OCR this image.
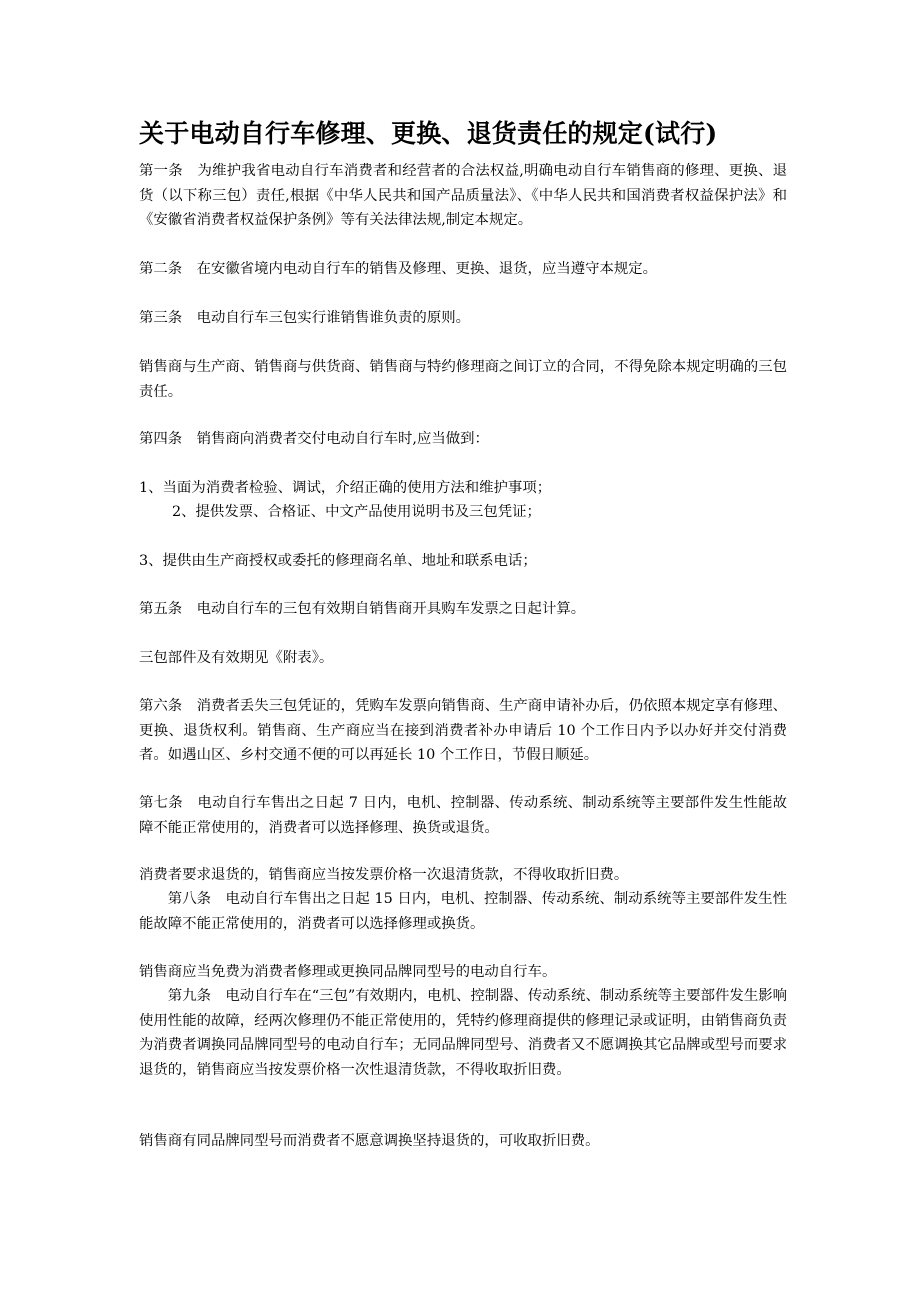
关于电动自行车修理、更换、退货责任的规定(试行)

第一条　为维护我省电动自行车消费者和经营者的合法权益,明确电动自行车销售商的修理、更换、退货（以下称三包）责任,根据《中华人民共和国产品质量法》、《中华人民共和国消费者权益保护法》和《安徽省消费者权益保护条例》等有关法律法规,制定本规定。

第二条　在安徽省境内电动自行车的销售及修理、更换、退货，应当遵守本规定。

第三条　电动自行车三包实行谁销售谁负责的原则。

销售商与生产商、销售商与供货商、销售商与特约修理商之间订立的合同，不得免除本规定明确的三包责任。

第四条　销售商向消费者交付电动自行车时,应当做到：

1、当面为消费者检验、调试，介绍正确的使用方法和维护事项；

2、提供发票、合格证、中文产品使用说明书及三包凭证；

3、提供由生产商授权或委托的修理商名单、地址和联系电话；

第五条　电动自行车的三包有效期自销售商开具购车发票之日起计算。

三包部件及有效期见《附表》。

第六条　消费者丢失三包凭证的，凭购车发票向销售商、生产商申请补办后，仍依照本规定享有修理、更换、退货权利。销售商、生产商应当在接到消费者补办申请后 10 个工作日内予以办好并交付消费者。如遇山区、乡村交通不便的可以再延长 10 个工作日，节假日顺延。

第七条　电动自行车售出之日起 7 日内，电机、控制器、传动系统、制动系统等主要部件发生性能故障不能正常使用的，消费者可以选择修理、换货或退货。

消费者要求退货的，销售商应当按发票价格一次退清货款，不得收取折旧费。

第八条　电动自行车售出之日起 15 日内，电机、控制器、传动系统、制动系统等主要部件发生性能故障不能正常使用的，消费者可以选择修理或换货。

销售商应当免费为消费者修理或更换同品牌同型号的电动自行车。

第九条　电动自行车在“三包”有效期内，电机、控制器、传动系统、制动系统等主要部件发生影响使用性能的故障，经两次修理仍不能正常使用的，凭特约修理商提供的修理记录或证明，由销售商负责为消费者调换同品牌同型号的电动自行车；无同品牌同型号、消费者又不愿调换其它品牌或型号而要求退货的，销售商应当按发票价格一次性退清货款，不得收取折旧费。

销售商有同品牌同型号而消费者不愿意调换坚持退货的，可收取折旧费。
